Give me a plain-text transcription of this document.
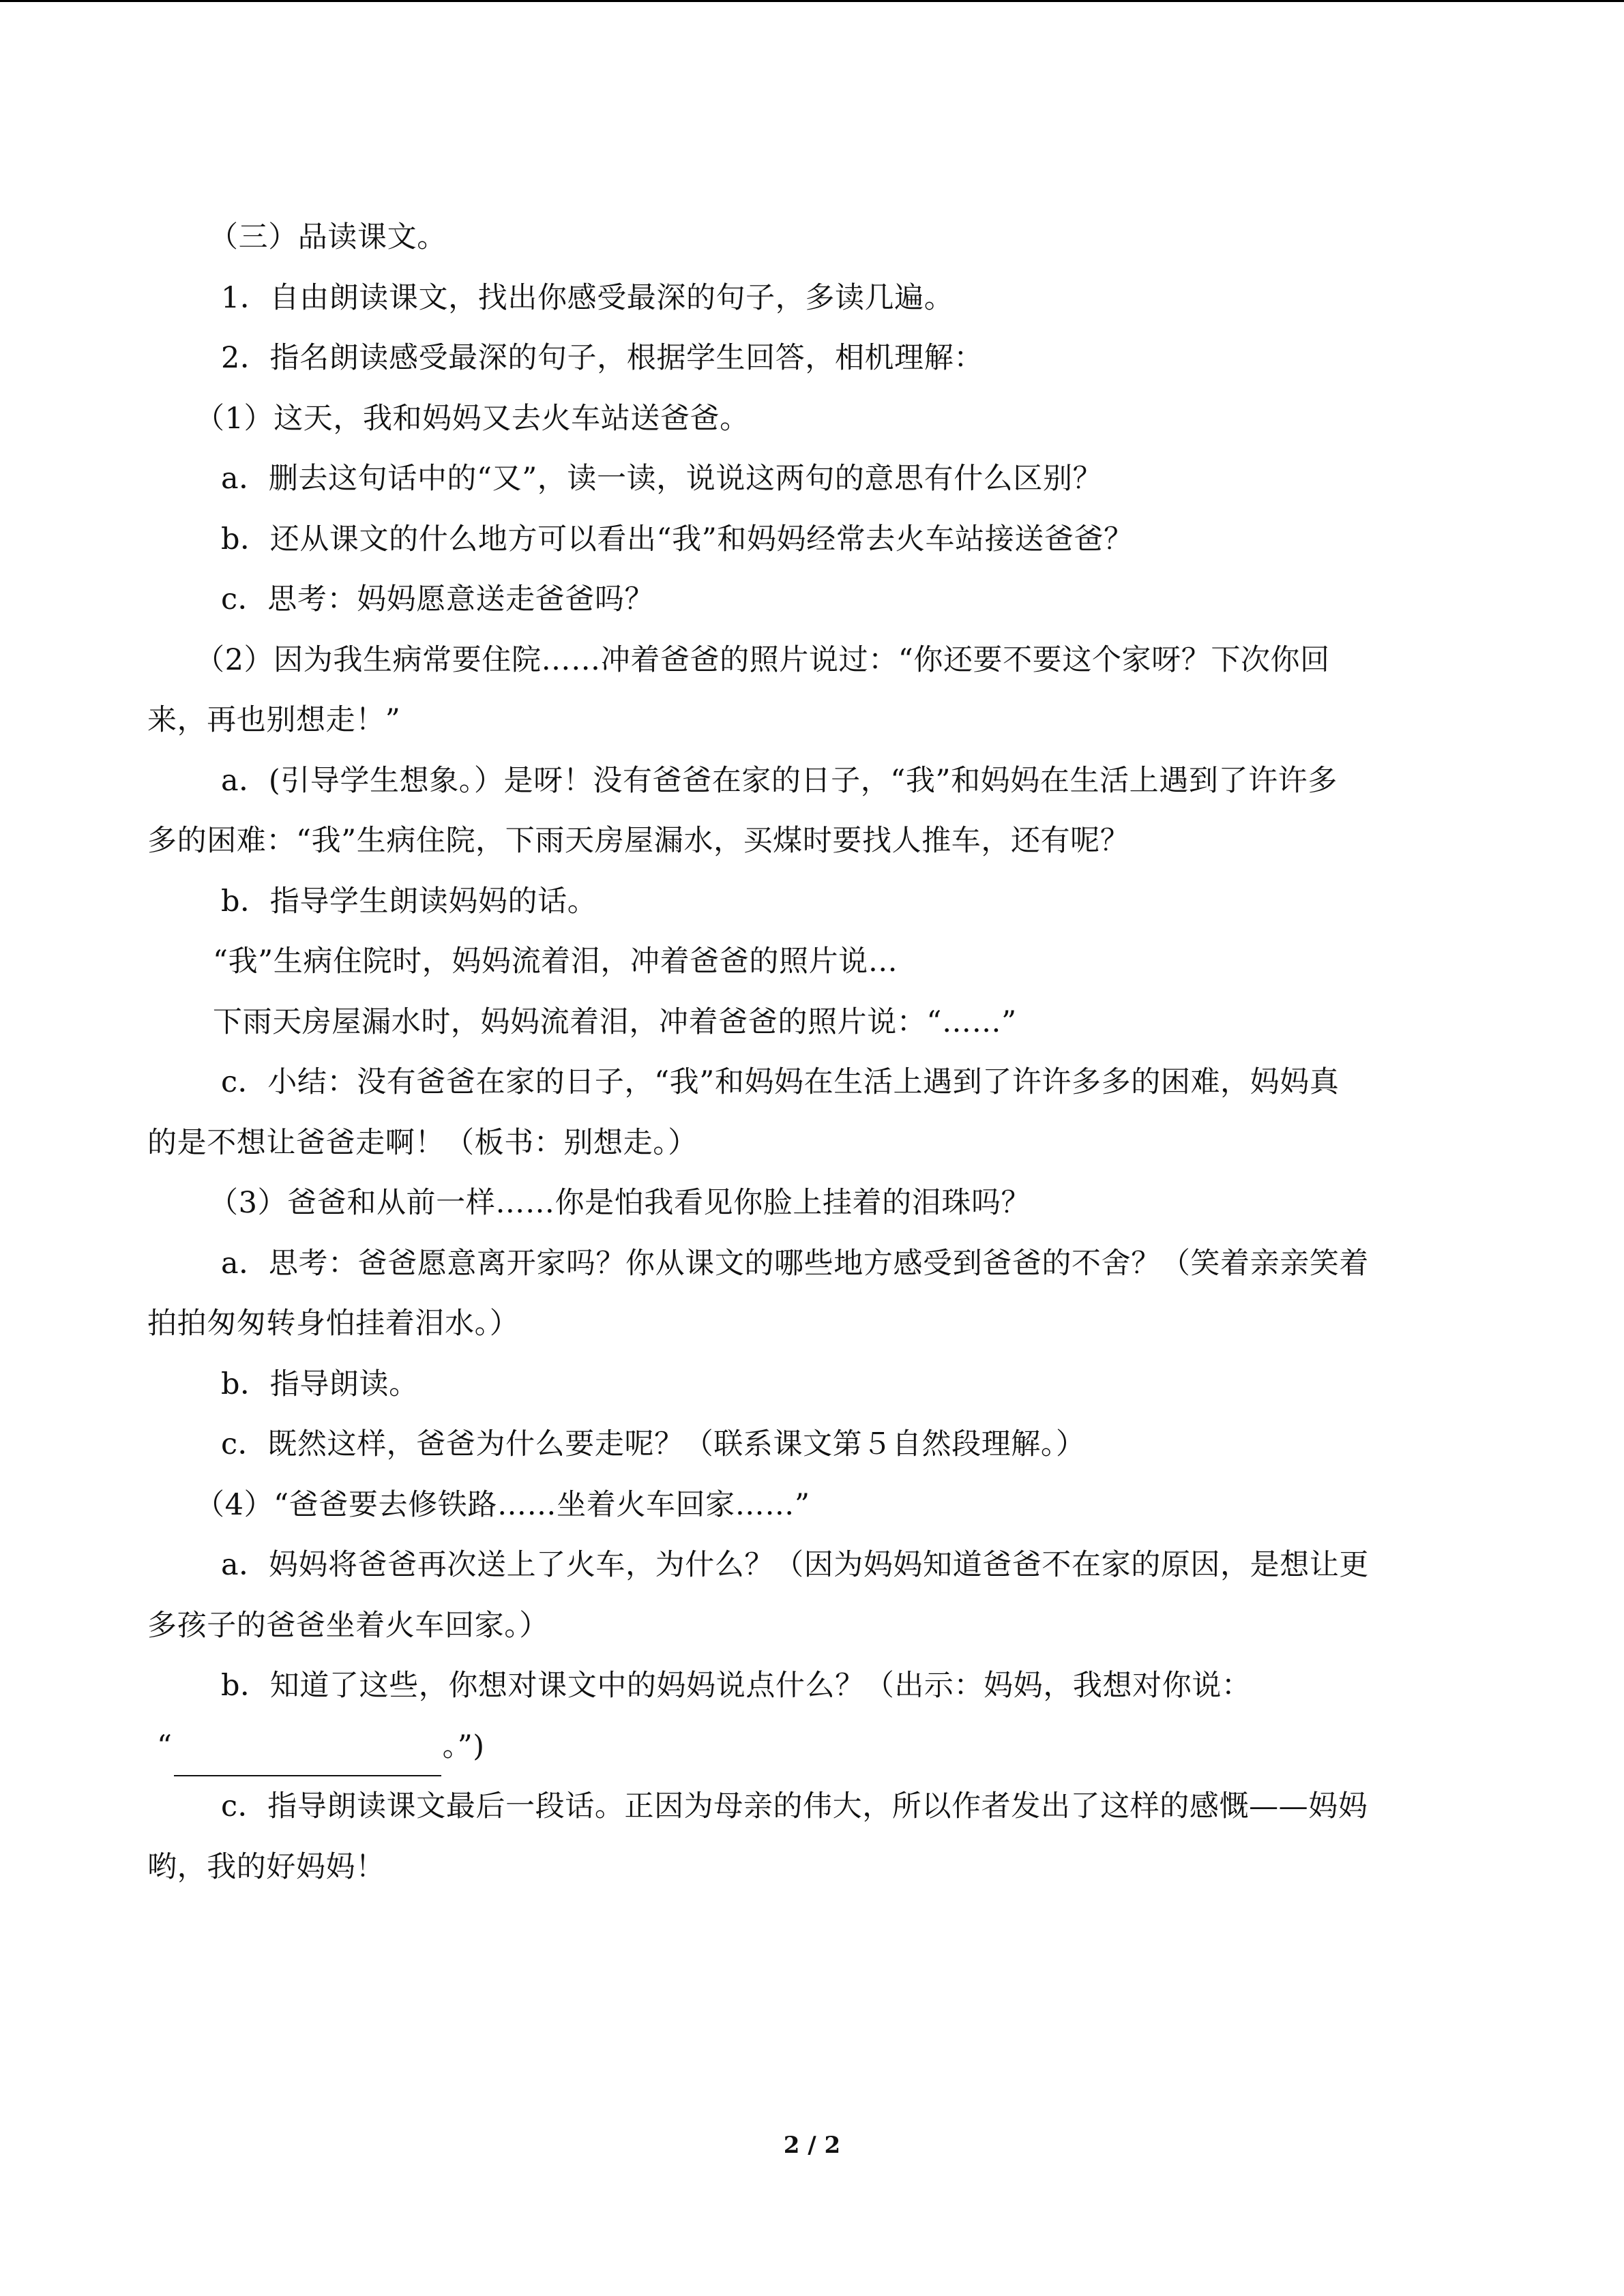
（三）品读课文。
1．自由朗读课文，找出你感受最深的句子，多读几遍。
2．指名朗读感受最深的句子，根据学生回答，相机理解：
（1）这天，我和妈妈又去火车站送爸爸。
a．删去这句话中的“又”，读一读，说说这两句的意思有什么区别？
b．还从课文的什么地方可以看出“我”和妈妈经常去火车站接送爸爸？
c．思考：妈妈愿意送走爸爸吗？
（2）因为我生病常要住院……冲着爸爸的照片说过：“你还要不要这个家呀？下次你回
来，再也别想走！”
a．(引导学生想象。）是呀！没有爸爸在家的日子，“我”和妈妈在生活上遇到了许许多
多的困难：“我”生病住院，下雨天房屋漏水，买煤时要找人推车，还有呢？
b．指导学生朗读妈妈的话。
“我”生病住院时，妈妈流着泪，冲着爸爸的照片说…
下雨天房屋漏水时，妈妈流着泪，冲着爸爸的照片说：“……”
c．小结：没有爸爸在家的日子，“我”和妈妈在生活上遇到了许许多多的困难，妈妈真
的是不想让爸爸走啊！（板书：别想走。）
（3）爸爸和从前一样……你是怕我看见你脸上挂着的泪珠吗？
a．思考：爸爸愿意离开家吗？你从课文的哪些地方感受到爸爸的不舍？（笑着亲亲笑着
拍拍匆匆转身怕挂着泪水。）
b．指导朗读。
c．既然这样，爸爸为什么要走呢？（联系课文第５自然段理解。）
（4）“爸爸要去修铁路……坐着火车回家……”
a．妈妈将爸爸再次送上了火车，为什么？（因为妈妈知道爸爸不在家的原因，是想让更
多孩子的爸爸坐着火车回家。）
b．知道了这些，你想对课文中的妈妈说点什么？（出示：妈妈，我想对你说：
“	。”)
c．指导朗读课文最后一段话。正因为母亲的伟大，所以作者发出了这样的感慨——妈妈
哟，我的好妈妈！
2 / 2
